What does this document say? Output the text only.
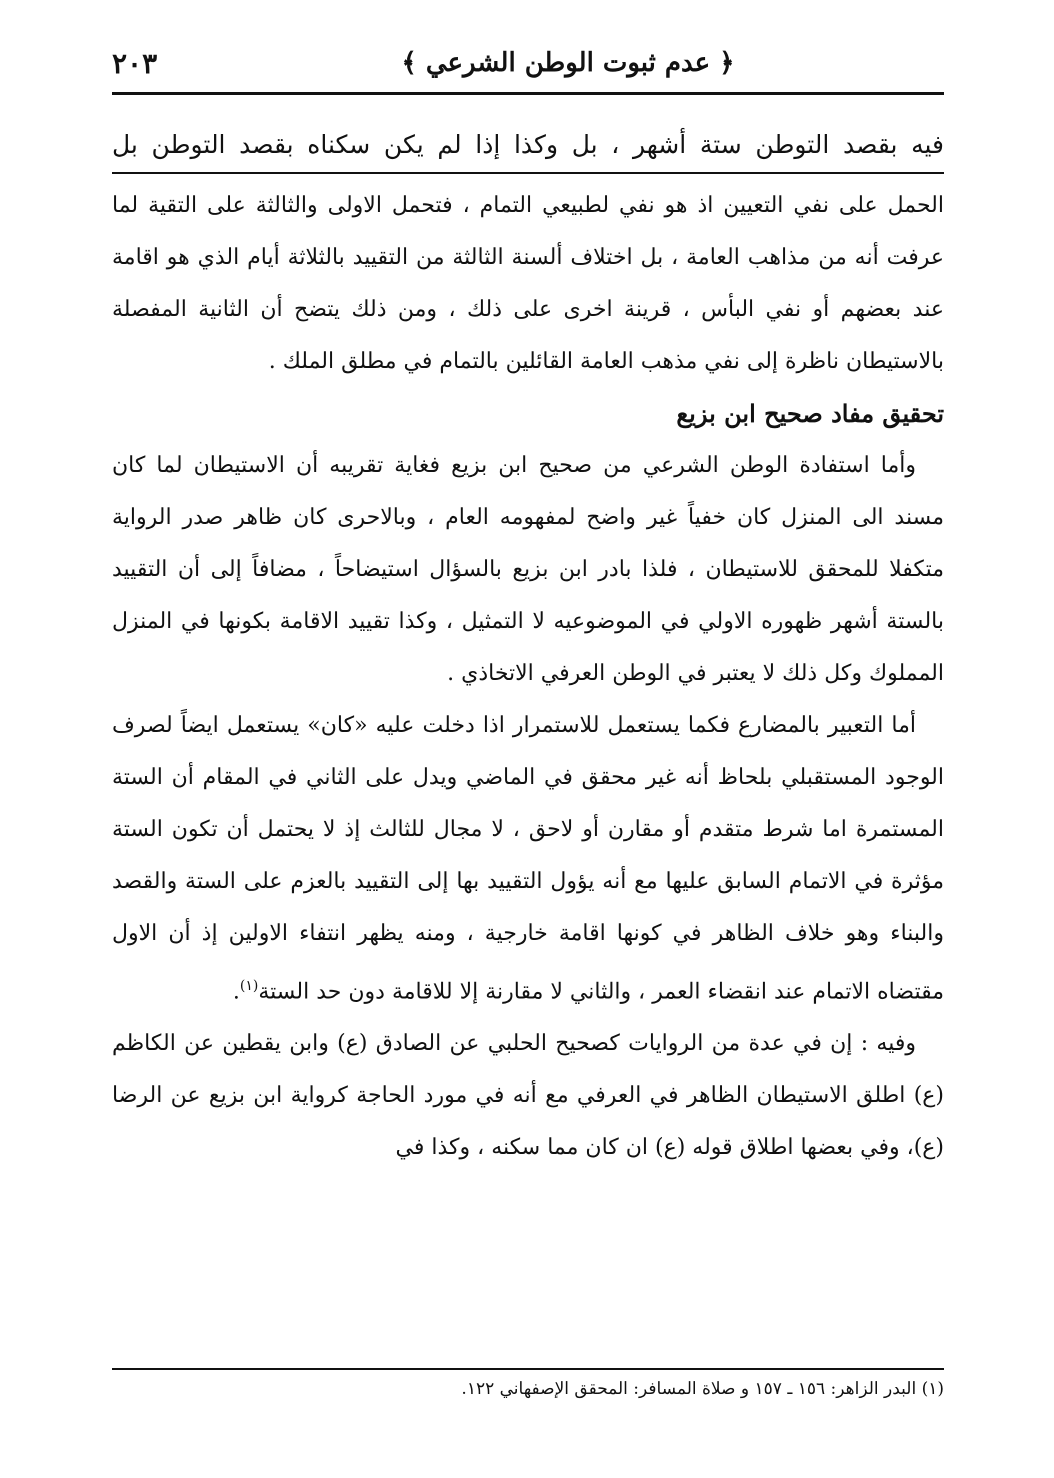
٢٠٣	﴿ عدم ثبوت الوطن الشرعي ﴾
فيه بقصد التوطن ستة أشهر ، بل وكذا إذا لم يكن سكناه بقصد التوطن بل

الحمل على نفي التعيين اذ هو نفي لطبيعي التمام ، فتحمل الاولى والثالثة على التقية لما عرفت أنه من مذاهب العامة ، بل اختلاف ألسنة الثالثة من التقييد بالثلاثة أيام الذي هو اقامة عند بعضهم أو نفي البأس ، قرينة اخرى على ذلك ، ومن ذلك يتضح أن الثانية المفصلة بالاستيطان ناظرة إلى نفي مذهب العامة القائلين بالتمام في مطلق الملك .

تحقيق مفاد صحيح ابن بزيع

وأما استفادة الوطن الشرعي من صحيح ابن بزيع فغاية تقريبه أن الاستيطان لما كان مسند الى المنزل كان خفياً غير واضح لمفهومه العام ، وبالاحرى كان ظاهر صدر الرواية متكفلا للمحقق للاستيطان ، فلذا بادر ابن بزيع بالسؤال استيضاحاً ، مضافاً إلى أن التقييد بالستة أشهر ظهوره الاولي في الموضوعيه لا التمثيل ، وكذا تقييد الاقامة بكونها في المنزل المملوك وكل ذلك لا يعتبر في الوطن العرفي الاتخاذي .

أما التعبير بالمضارع فكما يستعمل للاستمرار اذا دخلت عليه «كان» يستعمل ايضاً لصرف الوجود المستقبلي بلحاظ أنه غير محقق في الماضي ويدل على الثاني في المقام أن الستة المستمرة اما شرط متقدم أو مقارن أو لاحق ، لا مجال للثالث إذ لا يحتمل أن تكون الستة مؤثرة في الاتمام السابق عليها مع أنه يؤول التقييد بها إلى التقييد بالعزم على الستة والقصد والبناء وهو خلاف الظاهر في كونها اقامة خارجية ، ومنه يظهر انتفاء الاولين إذ أن الاول مقتضاه الاتمام عند انقضاء العمر ، والثاني لا مقارنة إلا للاقامة دون حد الستة$^{(١)}$.

وفيه : إن في عدة من الروايات كصحيح الحلبي عن الصادق (ع) وابن يقطين عن الكاظم (ع) اطلق الاستيطان الظاهر في العرفي مع أنه في مورد الحاجة كرواية ابن بزيع عن الرضا (ع)، وفي بعضها اطلاق قوله (ع) ان كان مما سكنه ، وكذا في

(١) البدر الزاهر: ١٥٦ ـ ١٥٧ و صلاة المسافر: المحقق الإصفهاني ١٢٢.
